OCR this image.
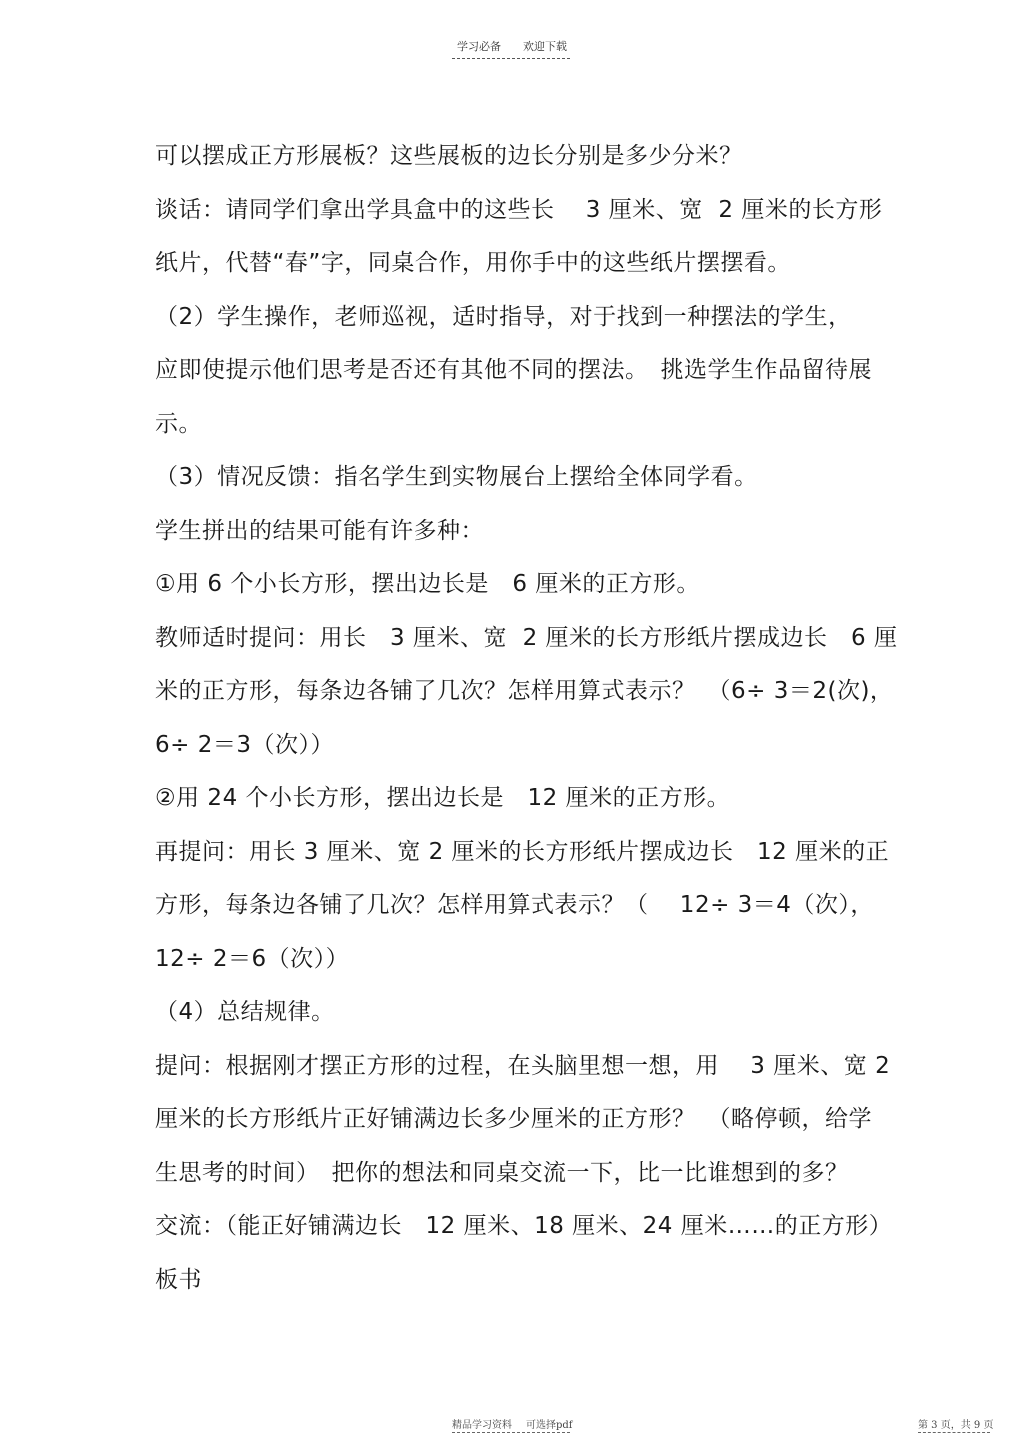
学习必备 欢迎下载
可以摆成正方形展板？这些展板的边长分别是多少分米？
谈话：请同学们拿出学具盒中的这些长　 3 厘米、宽  2 厘米的长方形
纸片，代替“春”字，同桌合作，用你手中的这些纸片摆摆看。
（2）学生操作，老师巡视，适时指导，对于找到一种摆法的学生，
应即使提示他们思考是否还有其他不同的摆法。　挑选学生作品留待展
示。
（3）情况反馈：指名学生到实物展台上摆给全体同学看。
学生拼出的结果可能有许多种：
①用 6 个小长方形，摆出边长是　6 厘米的正方形。
教师适时提问：用长　3 厘米、宽  2 厘米的长方形纸片摆成边长　6 厘
米的正方形，每条边各铺了几次？怎样用算式表示？　（6÷ 3＝2(次)，
6÷ 2＝3（次））
②用 24 个小长方形，摆出边长是　12 厘米的正方形。
再提问：用长 3 厘米、宽 2 厘米的长方形纸片摆成边长　12 厘米的正
方形，每条边各铺了几次？怎样用算式表示？（　 12÷ 3＝4（次），
12÷ 2＝6（次））
（4）总结规律。
提问：根据刚才摆正方形的过程，在头脑里想一想，用　 3 厘米、宽 2
厘米的长方形纸片正好铺满边长多少厘米的正方形？　（略停顿，给学
生思考的时间）　把你的想法和同桌交流一下，比一比谁想到的多？
交流：（能正好铺满边长　12 厘米、18 厘米、24 厘米……的正方形）
板书
精品学习资料 可选择pdf	第 3 页，共 9 页
